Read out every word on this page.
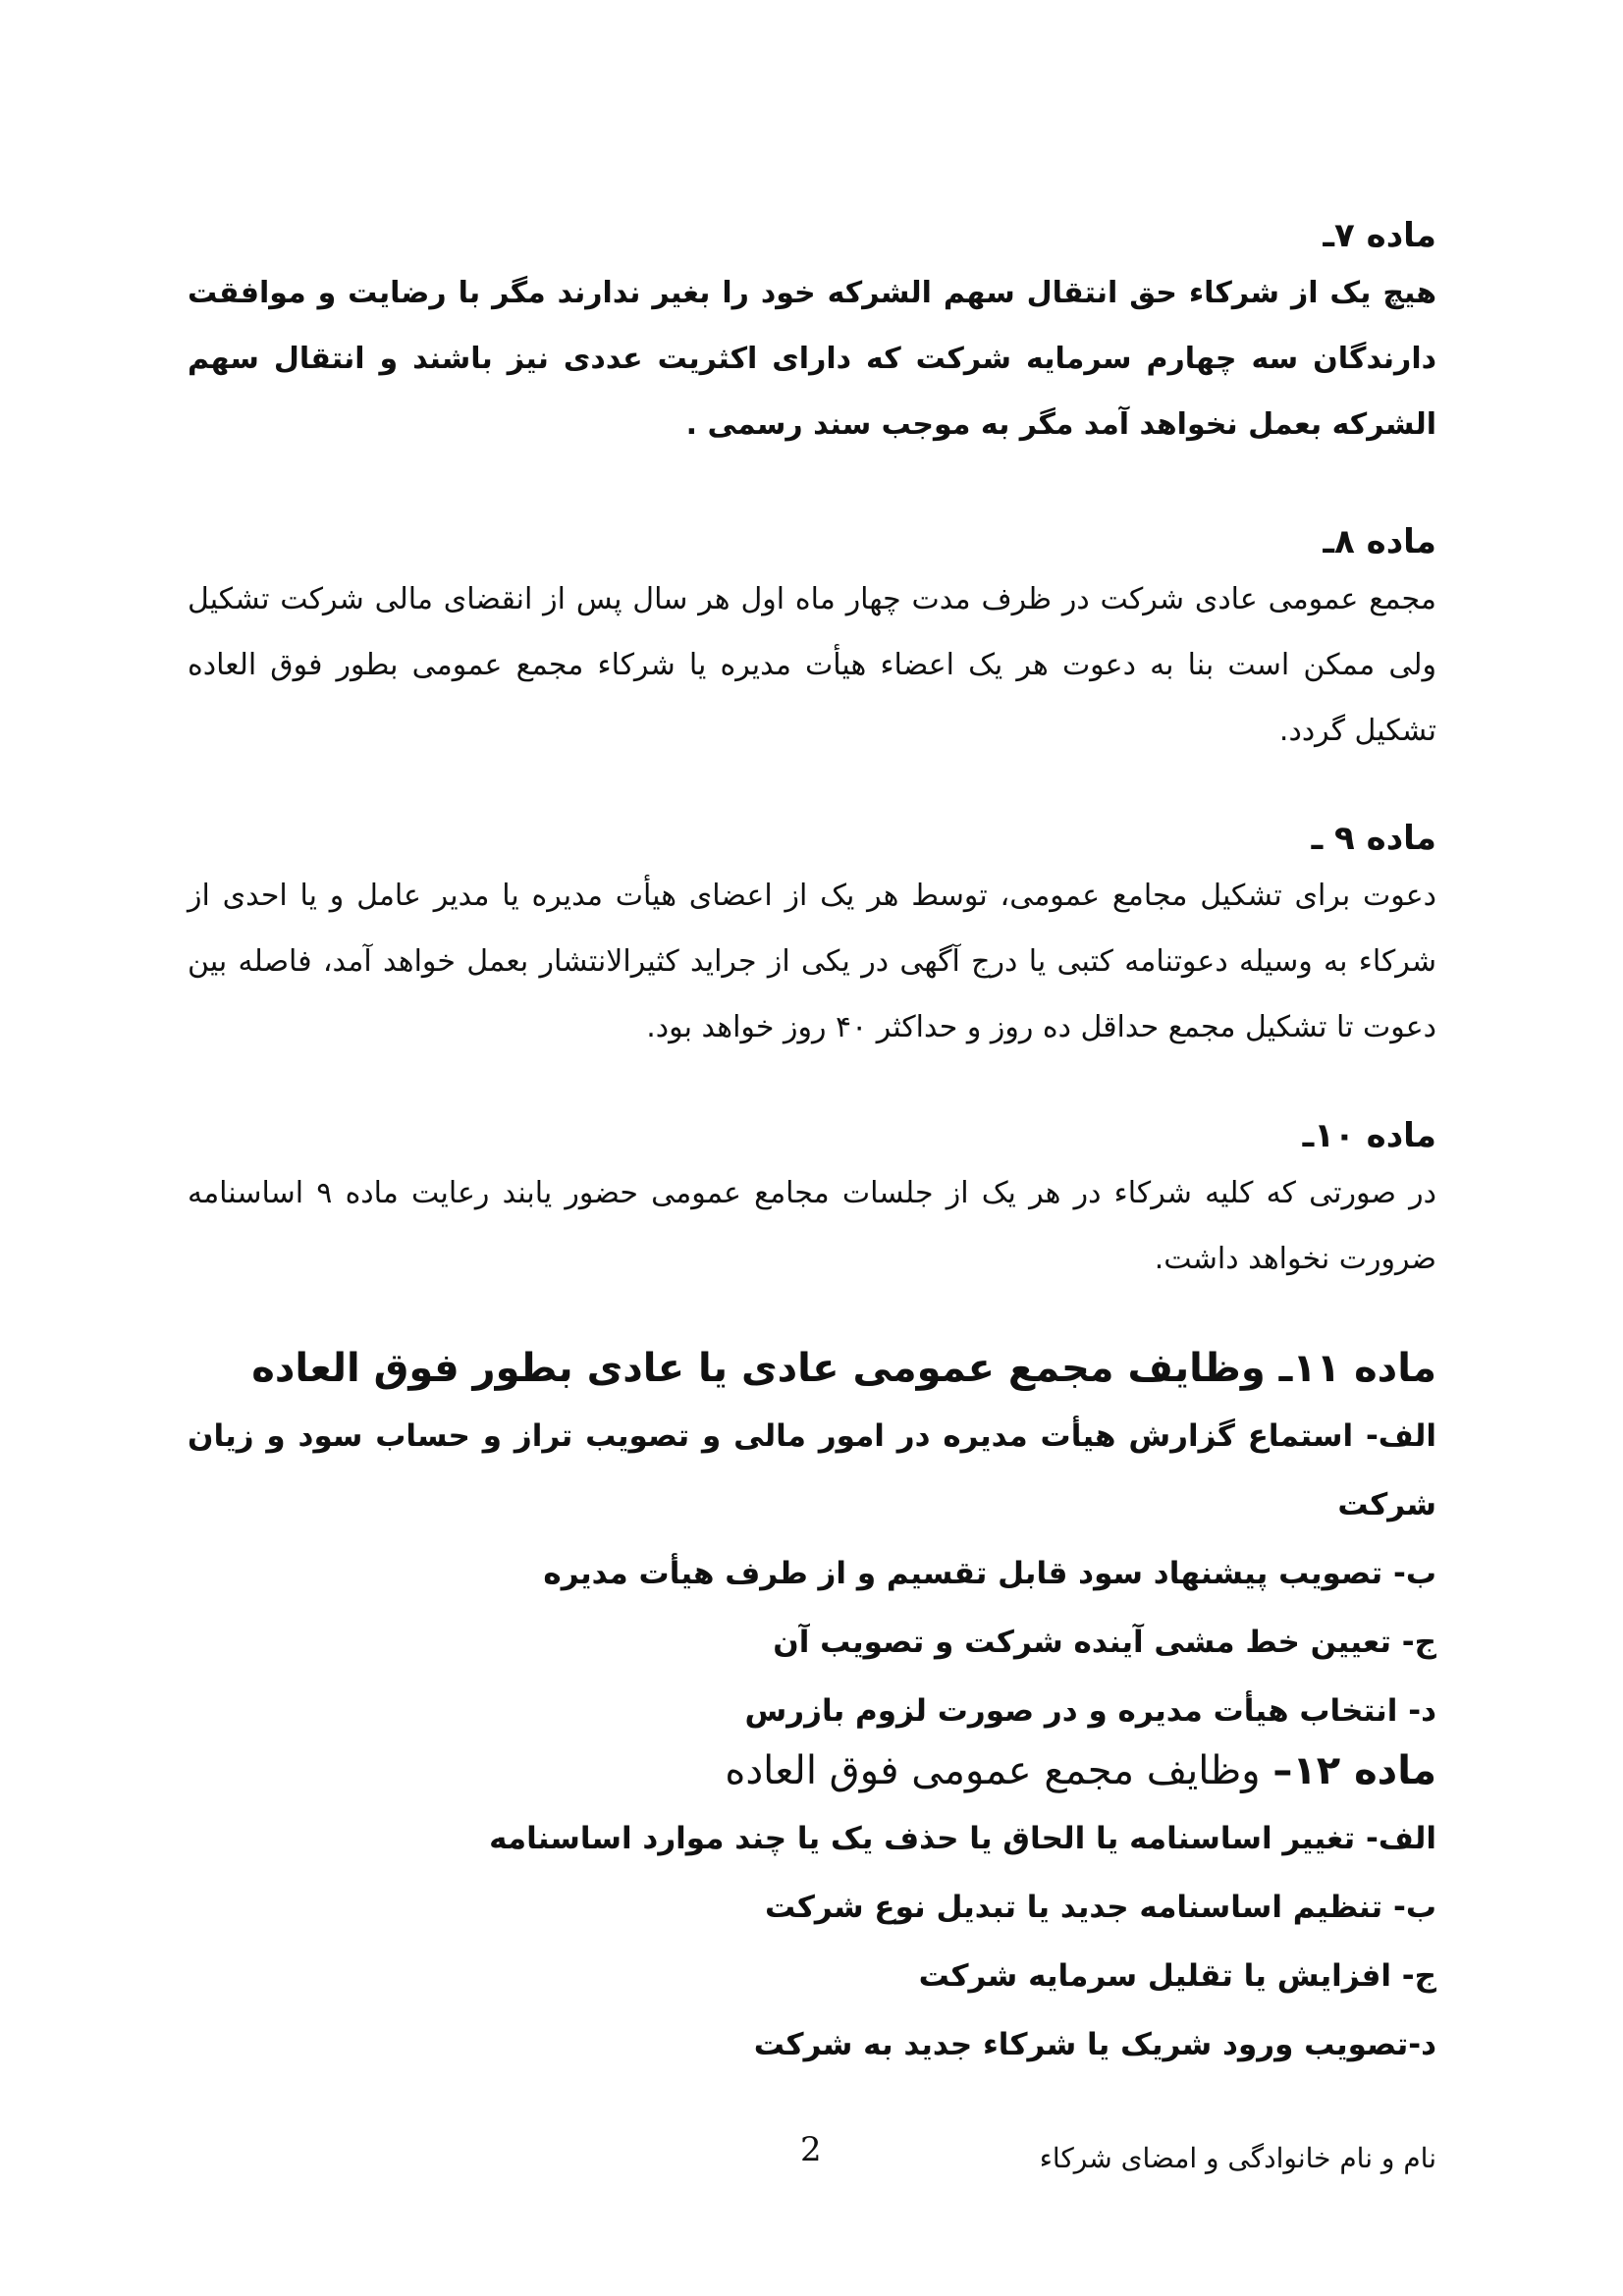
ماده ۷ـ

هیچ یک از شرکاء حق انتقال سهم الشرکه خود را بغیر ندارند مگر با رضایت و موافقت دارندگان سه چهارم سرمایه شرکت که دارای اکثریت عددی نیز باشند و انتقال سهم الشرکه بعمل نخواهد آمد مگر به موجب سند رسمی .

ماده ۸ـ

مجمع عمومی عادی شرکت در ظرف مدت چهار ماه اول هر سال پس از انقضای مالی شرکت تشکیل ولی ممکن است بنا به دعوت هر یک اعضاء هیأت مدیره یا شرکاء مجمع عمومی بطور فوق العاده تشکیل گردد.

ماده ۹ ـ

دعوت برای تشکیل مجامع عمومی، توسط هر یک از اعضای هیأت مدیره یا مدیر عامل و یا احدی از شرکاء به وسیله دعوتنامه کتبی یا درج آگهی در یکی از جراید کثیرالانتشار بعمل خواهد آمد، فاصله بین دعوت تا تشکیل مجمع حداقل ده روز و حداکثر ۴۰ روز خواهد بود.

ماده ۱۰ـ

در صورتی که کلیه شرکاء در هر یک از جلسات مجامع عمومی حضور یابند رعایت ماده ۹ اساسنامه ضرورت نخواهد داشت.

ماده ۱۱ـ وظایف مجمع عمومی عادی یا عادی بطور فوق العاده
الف- استماع گزارش هیأت مدیره در امور مالی و تصویب تراز و حساب سود و زیان شرکت
ب- تصویب پیشنهاد سود قابل تقسیم و از طرف هیأت مدیره
ج- تعیین خط مشی آینده شرکت و تصویب آن
د- انتخاب هیأت مدیره و در صورت لزوم بازرس
ماده ۱۲– وظایف مجمع عمومی فوق العاده
الف- تغییر اساسنامه یا الحاق یا حذف یک یا چند موارد اساسنامه
ب- تنظیم اساسنامه جدید یا تبدیل نوع شرکت
ج- افزایش یا تقلیل سرمایه شرکت
د-تصویب ورود شریک یا شرکاء جدید به شرکت
2	نام و نام خانوادگی و امضای شرکاء
